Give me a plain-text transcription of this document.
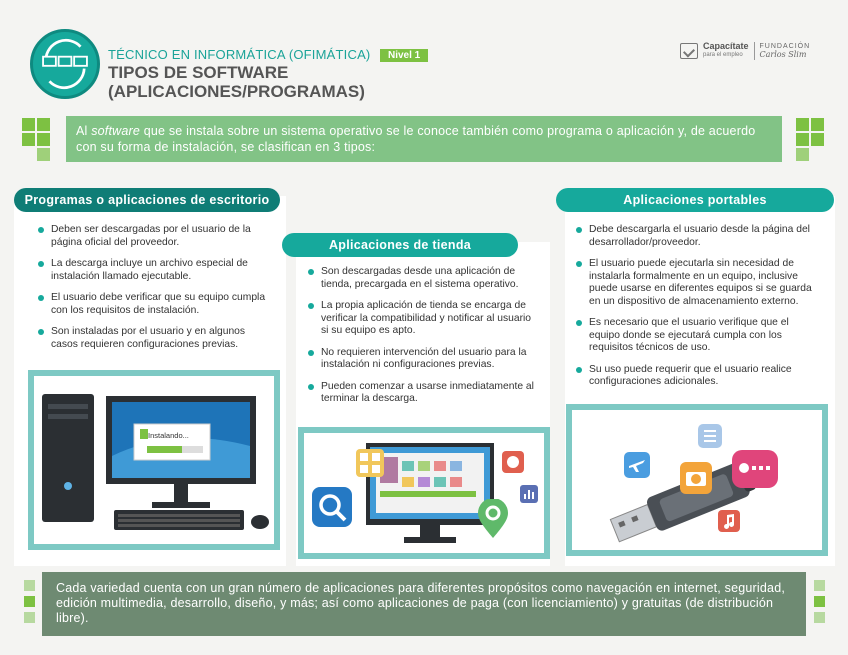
TÉCNICO EN INFORMÁTICA (OFIMÁTICA)	Nivel 1
TIPOS DE SOFTWARE
(APLICACIONES/PROGRAMAS)
Capacítate
para el empleo
FUNDACIÓN
Carlos Slim
Al software que se instala sobre un sistema operativo se le conoce también como programa o aplicación y, de acuerdo con su forma de instalación, se clasifican en 3 tipos:
Programas o aplicaciones de escritorio
Deben ser descargadas por el usuario de la página oficial del proveedor.
La descarga incluye un archivo especial de instalación llamado ejecutable.
El usuario debe verificar que su equipo cumpla con los requisitos de instalación.
Son instaladas por el usuario y en algunos casos requieren configuraciones previas.
Instalando...
Aplicaciones de tienda
Son descargadas desde una aplicación de tienda, precargada en el sistema operativo.
La propia aplicación de tienda se encarga de verificar la compatibilidad y notificar al usuario si su equipo es apto.
No requieren intervención del usuario para la instalación ni configuraciones previas.
Pueden comenzar a usarse inmediatamente al terminar la descarga.
Aplicaciones portables
Debe descargarla el usuario desde la página del desarrollador/proveedor.
El usuario puede ejecutarla sin necesidad de instalarla formalmente en un equipo, inclusive puede usarse en diferentes equipos si se guarda en un dispositivo de almacenamiento externo.
Es necesario que el usuario verifique que el equipo donde se ejecutará cumpla con los requisitos técnicos de uso.
Su uso puede requerir que el usuario realice configuraciones adicionales.
Cada variedad cuenta con un gran número de aplicaciones para diferentes propósitos como navegación en internet, seguridad, edición multimedia, desarrollo, diseño, y más; así como aplicaciones de paga (con licenciamiento) y gratuitas (de distribución libre).
